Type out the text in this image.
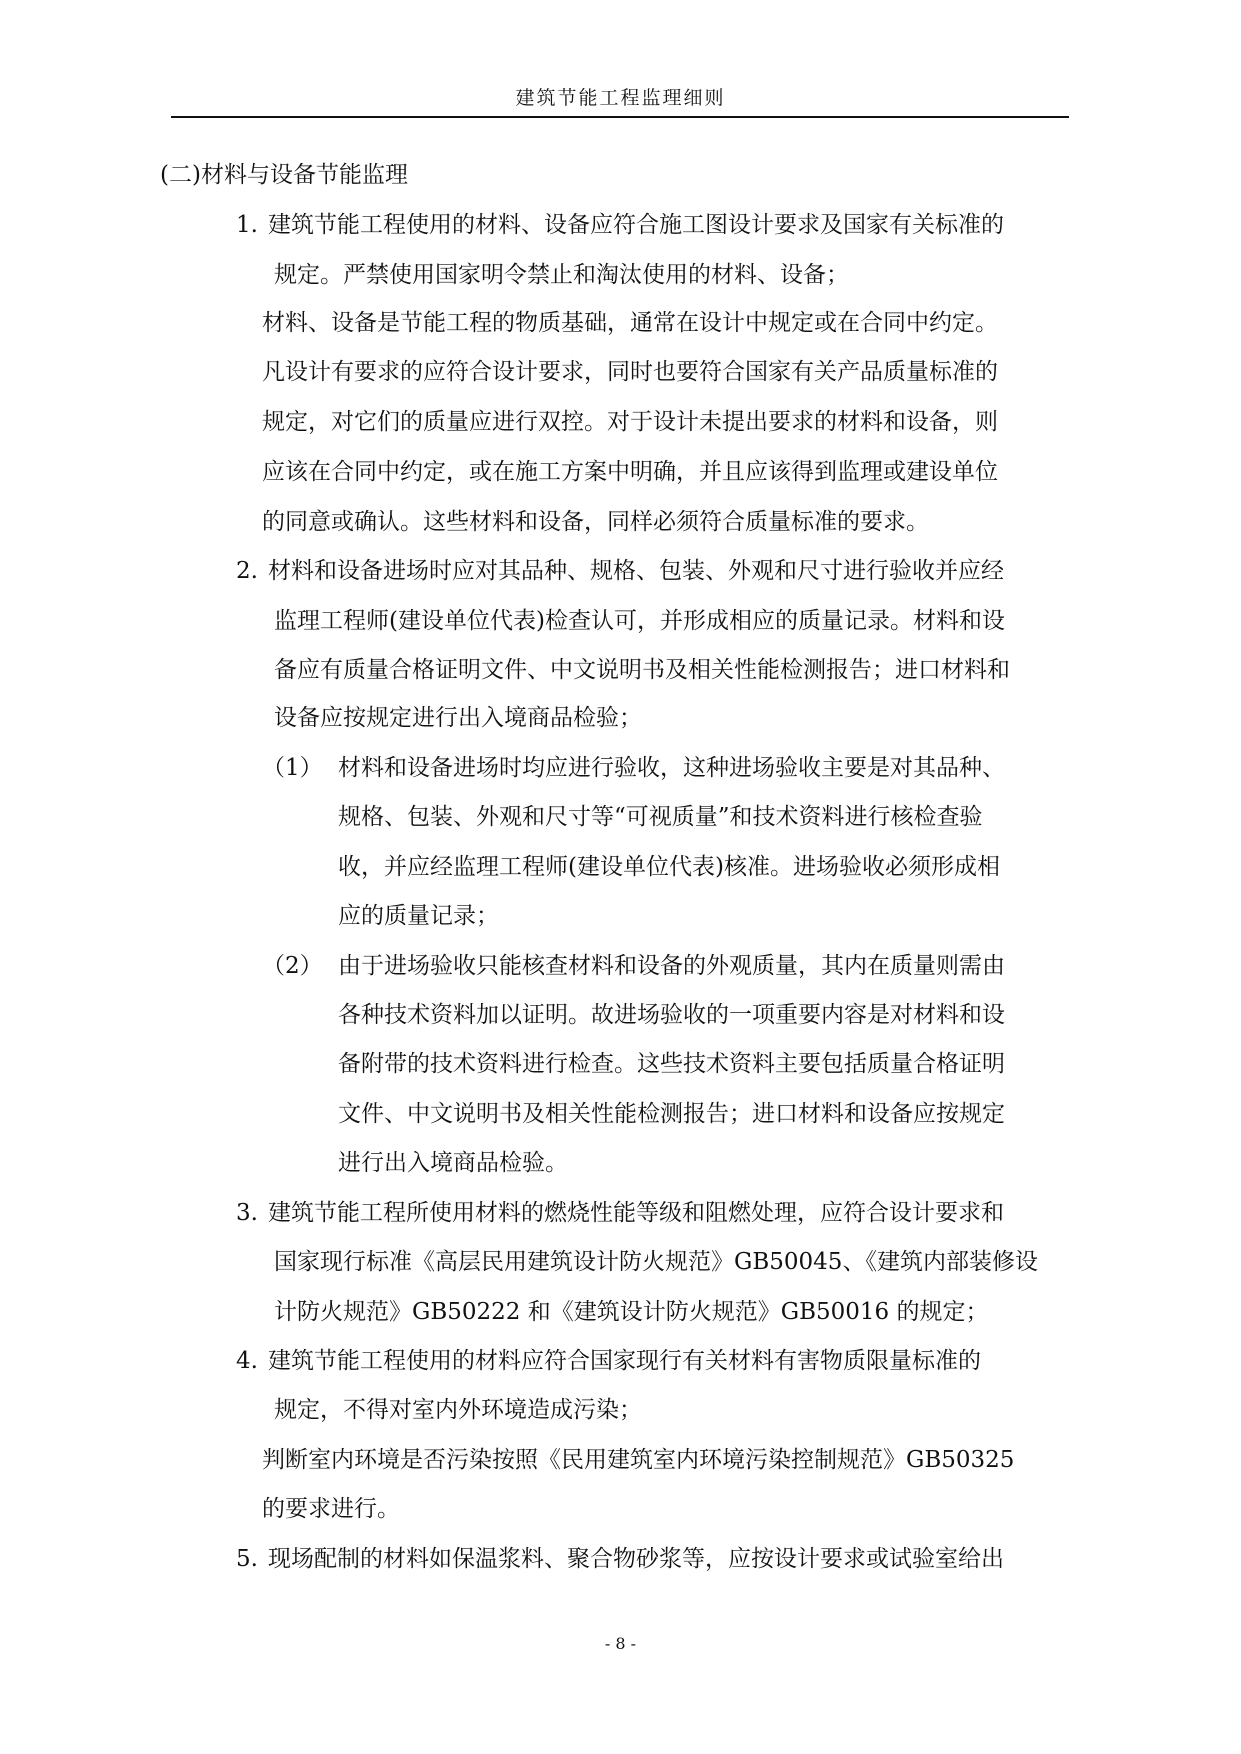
建筑节能工程监理细则
(二)材料与设备节能监理
1. 建筑节能工程使用的材料、设备应符合施工图设计要求及国家有关标准的
规定。严禁使用国家明令禁止和淘汰使用的材料、设备；
材料、设备是节能工程的物质基础，通常在设计中规定或在合同中约定。
凡设计有要求的应符合设计要求，同时也要符合国家有关产品质量标准的
规定，对它们的质量应进行双控。对于设计未提出要求的材料和设备，则
应该在合同中约定，或在施工方案中明确，并且应该得到监理或建设单位
的同意或确认。这些材料和设备，同样必须符合质量标准的要求。
2. 材料和设备进场时应对其品种、规格、包装、外观和尺寸进行验收并应经
监理工程师(建设单位代表)检查认可，并形成相应的质量记录。材料和设
备应有质量合格证明文件、中文说明书及相关性能检测报告；进口材料和
设备应按规定进行出入境商品检验；
（1） 材料和设备进场时均应进行验收，这种进场验收主要是对其品种、
规格、包装、外观和尺寸等“可视质量”和技术资料进行核检查验
收，并应经监理工程师(建设单位代表)核准。进场验收必须形成相
应的质量记录；
（2） 由于进场验收只能核查材料和设备的外观质量，其内在质量则需由
各种技术资料加以证明。故进场验收的一项重要内容是对材料和设
备附带的技术资料进行检查。这些技术资料主要包括质量合格证明
文件、中文说明书及相关性能检测报告；进口材料和设备应按规定
进行出入境商品检验。
3. 建筑节能工程所使用材料的燃烧性能等级和阻燃处理，应符合设计要求和
国家现行标准《高层民用建筑设计防火规范》GB50045、《建筑内部装修设
计防火规范》GB50222 和《建筑设计防火规范》GB50016 的规定；
4. 建筑节能工程使用的材料应符合国家现行有关材料有害物质限量标准的
规定，不得对室内外环境造成污染；
判断室内环境是否污染按照《民用建筑室内环境污染控制规范》GB50325
的要求进行。
5. 现场配制的材料如保温浆料、聚合物砂浆等，应按设计要求或试验室给出
- 8 -
